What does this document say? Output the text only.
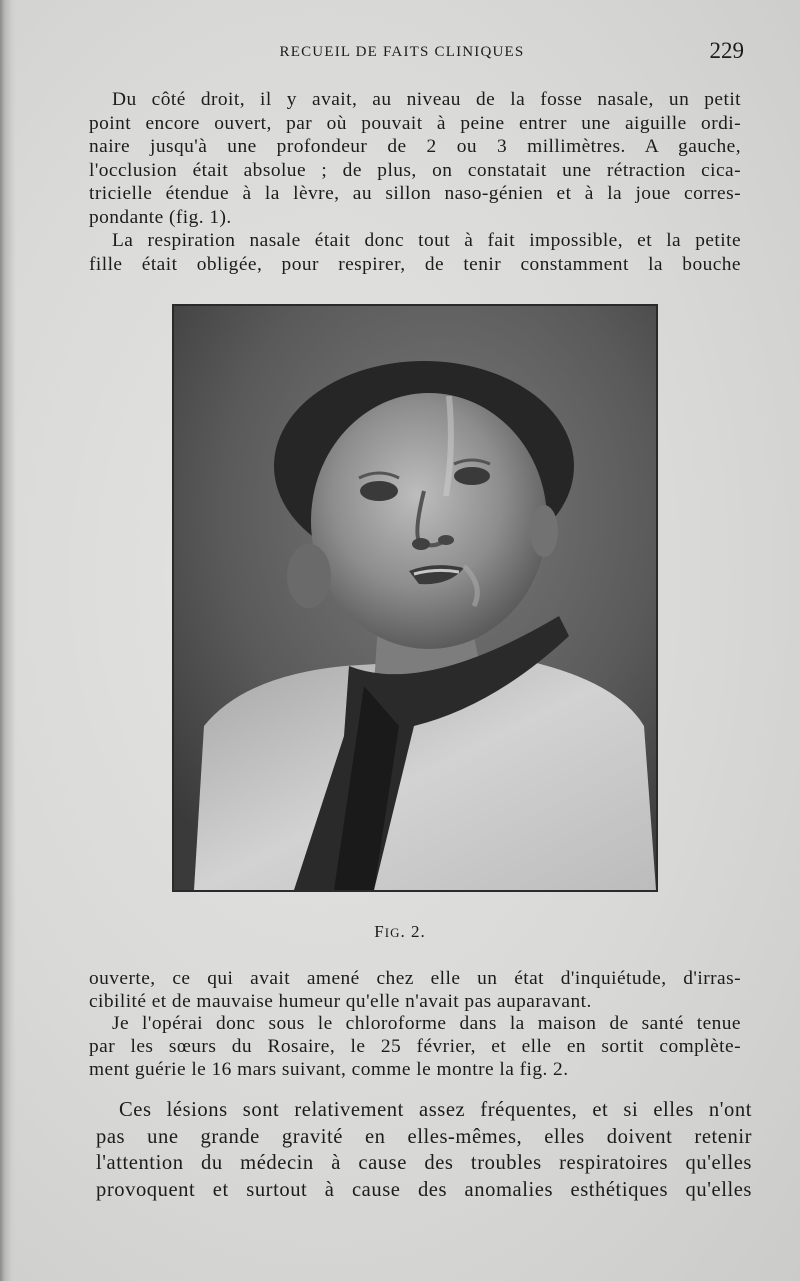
RECUEIL DE FAITS CLINIQUES	229
Du côté droit, il y avait, au niveau de la fosse nasale, un petit
point encore ouvert, par où pouvait à peine entrer une aiguille ordi-
naire jusqu'à une profondeur de 2 ou 3 millimètres. A gauche,
l'occlusion était absolue ; de plus, on constatait une rétraction cica-
tricielle étendue à la lèvre, au sillon naso-génien et à la joue corres-
pondante (fig. 1).
La respiration nasale était donc tout à fait impossible, et la petite
fille était obligée, pour respirer, de tenir constamment la bouche
FIG. 2.
ouverte, ce qui avait amené chez elle un état d'inquiétude, d'irras-
cibilité et de mauvaise humeur qu'elle n'avait pas auparavant.
Je l'opérai donc sous le chloroforme dans la maison de santé tenue
par les sœurs du Rosaire, le 25 février, et elle en sortit complète-
ment guérie le 16 mars suivant, comme le montre la fig. 2.
Ces lésions sont relativement assez fréquentes, et si elles n'ont
pas une grande gravité en elles-mêmes, elles doivent retenir
l'attention du médecin à cause des troubles respiratoires qu'elles
provoquent et surtout à cause des anomalies esthétiques qu'elles
